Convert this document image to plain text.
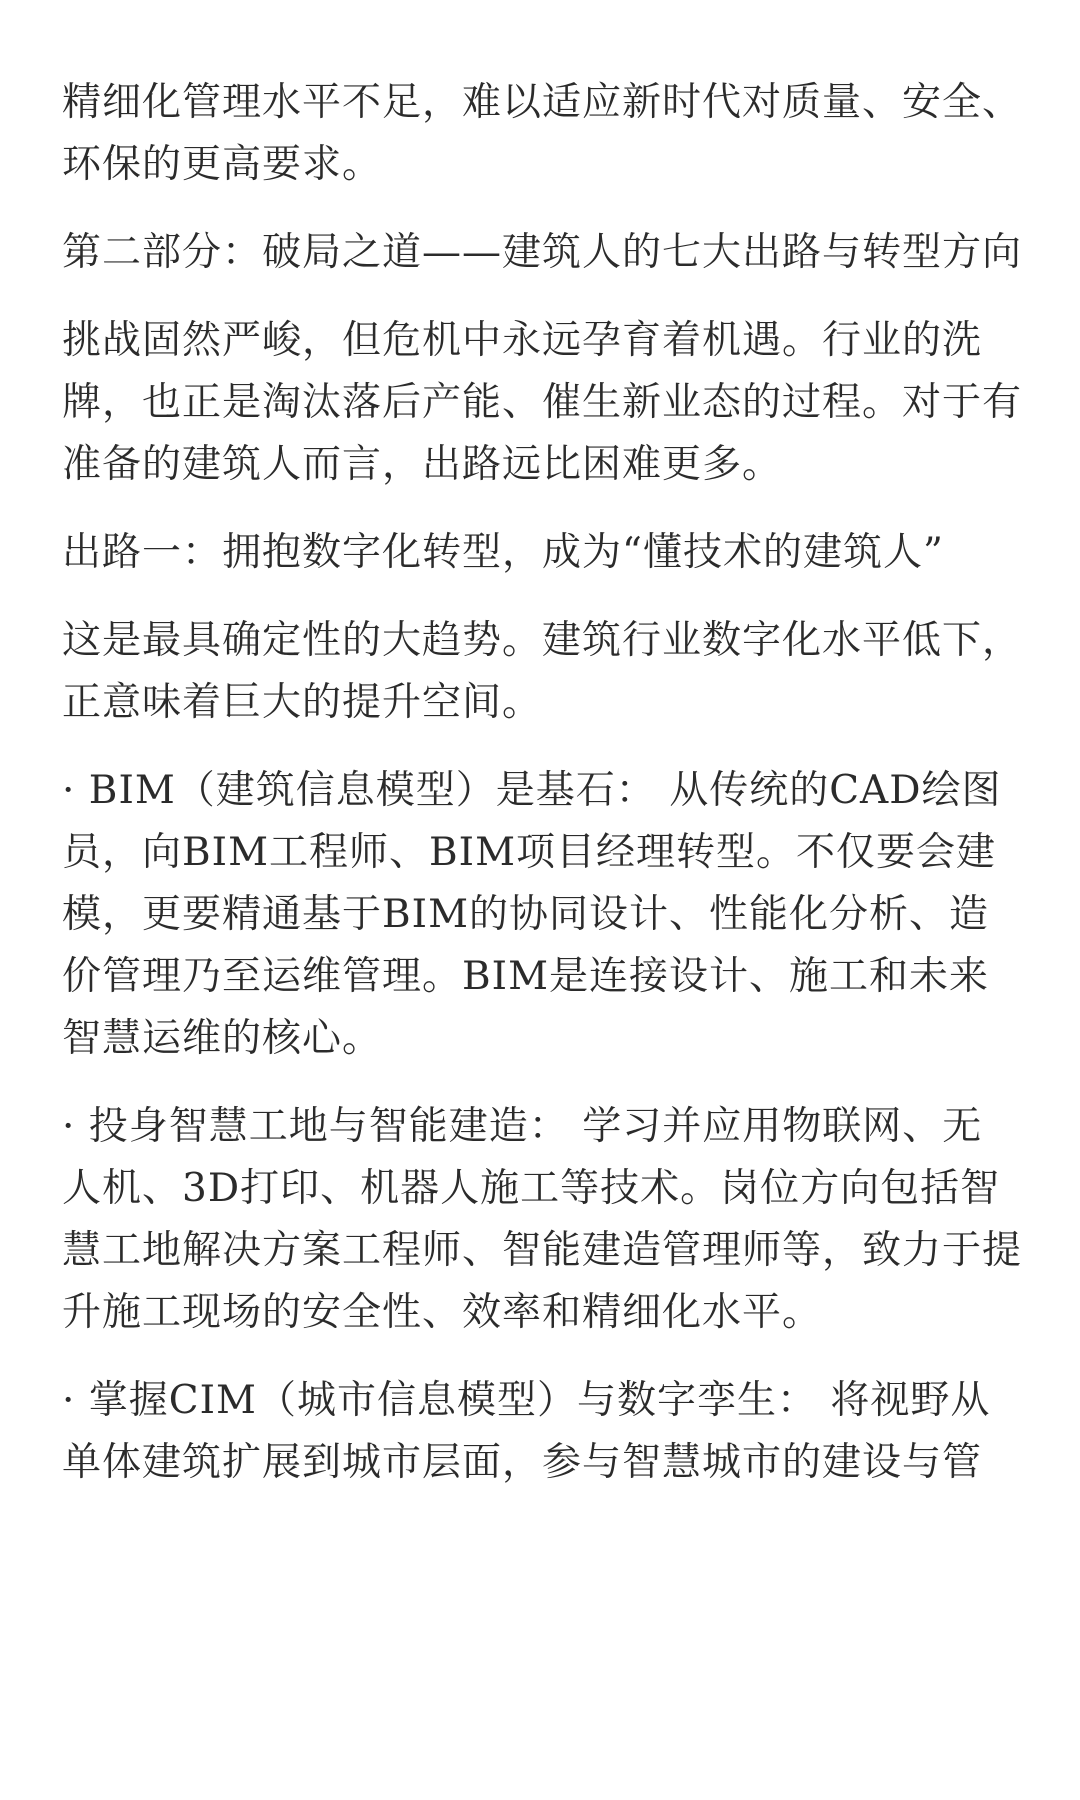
精细化管理水平不足，难以适应新时代对质量、安全、环保的更高要求。

第二部分：破局之道——建筑人的七大出路与转型方向

挑战固然严峻，但危机中永远孕育着机遇。行业的洗牌，也正是淘汰落后产能、催生新业态的过程。对于有准备的建筑人而言，出路远比困难更多。

出路一：拥抱数字化转型，成为“懂技术的建筑人”

这是最具确定性的大趋势。建筑行业数字化水平低下，正意味着巨大的提升空间。

· BIM（建筑信息模型）是基石： 从传统的CAD绘图员，向BIM工程师、BIM项目经理转型。不仅要会建模，更要精通基于BIM的协同设计、性能化分析、造价管理乃至运维管理。BIM是连接设计、施工和未来智慧运维的核心。

· 投身智慧工地与智能建造： 学习并应用物联网、无人机、3D打印、机器人施工等技术。岗位方向包括智慧工地解决方案工程师、智能建造管理师等，致力于提升施工现场的安全性、效率和精细化水平。

· 掌握CIM（城市信息模型）与数字孪生： 将视野从单体建筑扩展到城市层面，参与智慧城市的建设与管
